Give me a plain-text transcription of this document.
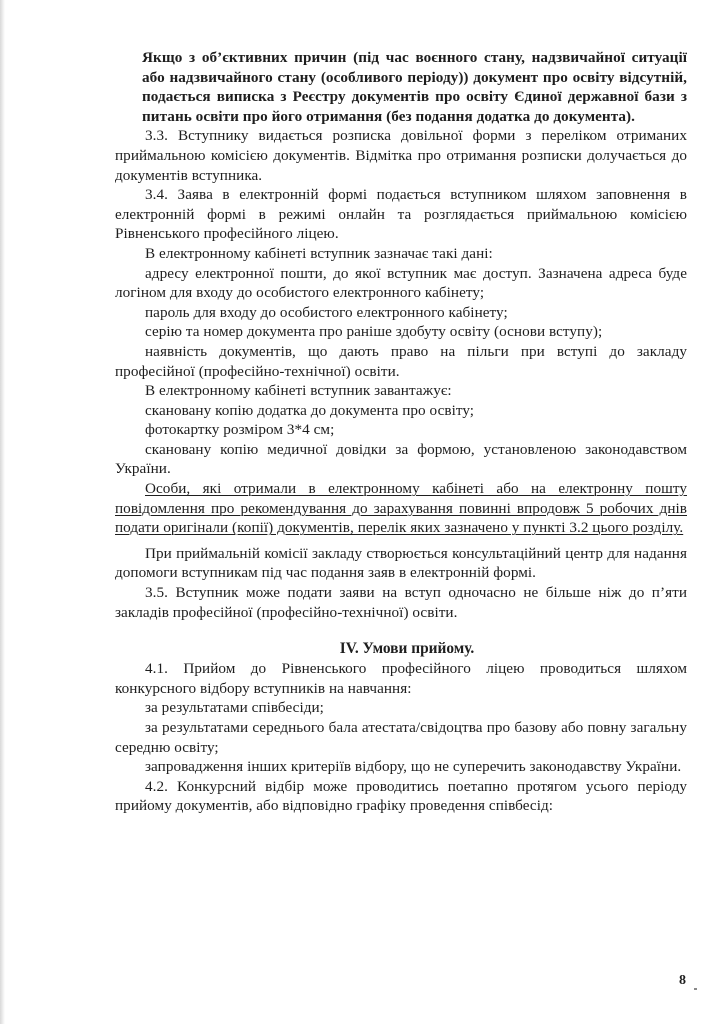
Якщо з об’єктивних причин (під час воєнного стану, надзвичайної ситуації або надзвичайного стану (особливого періоду)) документ про освіту відсутній, подається виписка з Реєстру документів про освіту Єдиної державної бази з питань освіти про його отримання (без подання додатка до документа).

3.3. Вступнику видається розписка довільної форми з переліком отриманих приймальною комісією документів. Відмітка про отримання розписки долучається до документів вступника.

3.4. Заява в електронній формі подається вступником шляхом заповнення в електронній формі в режимі онлайн та розглядається приймальною комісією Рівненського професійного ліцею.

В електронному кабінеті вступник зазначає такі дані:

адресу електронної пошти, до якої вступник має доступ. Зазначена адреса буде логіном для входу до особистого електронного кабінету;

пароль для входу до особистого електронного кабінету;

серію та номер документа про раніше здобуту освіту (основи вступу);

наявність документів, що дають право на пільги при вступі до закладу професійної (професійно-технічної) освіти.

В електронному кабінеті вступник завантажує:

скановану копію додатка до документа про освіту;

фотокартку розміром 3*4 см;

скановану копію медичної довідки за формою, установленою законодавством України.

Особи, які отримали в електронному кабінеті або на електронну пошту повідомлення про рекомендування до зарахування повинні впродовж 5 робочих днів подати оригінали (копії) документів, перелік яких зазначено у пункті 3.2 цього розділу.

При приймальній комісії закладу створюється консультаційний центр для надання допомоги вступникам під час подання заяв в електронній формі.

3.5. Вступник може подати заяви на вступ одночасно не більше ніж до п’яти закладів професійної (професійно-технічної) освіти.

IV. Умови прийому.

4.1. Прийом до Рівненського професійного ліцею проводиться шляхом конкурсного відбору вступників на навчання:

за результатами співбесіди;

за результатами середнього бала атестата/свідоцтва про базову або повну загальну середню освіту;

запровадження інших критеріїв відбору, що не суперечить законодавству України.

4.2. Конкурсний відбір може проводитись поетапно протягом усього періоду прийому документів, або відповідно графіку проведення співбесід:

8
